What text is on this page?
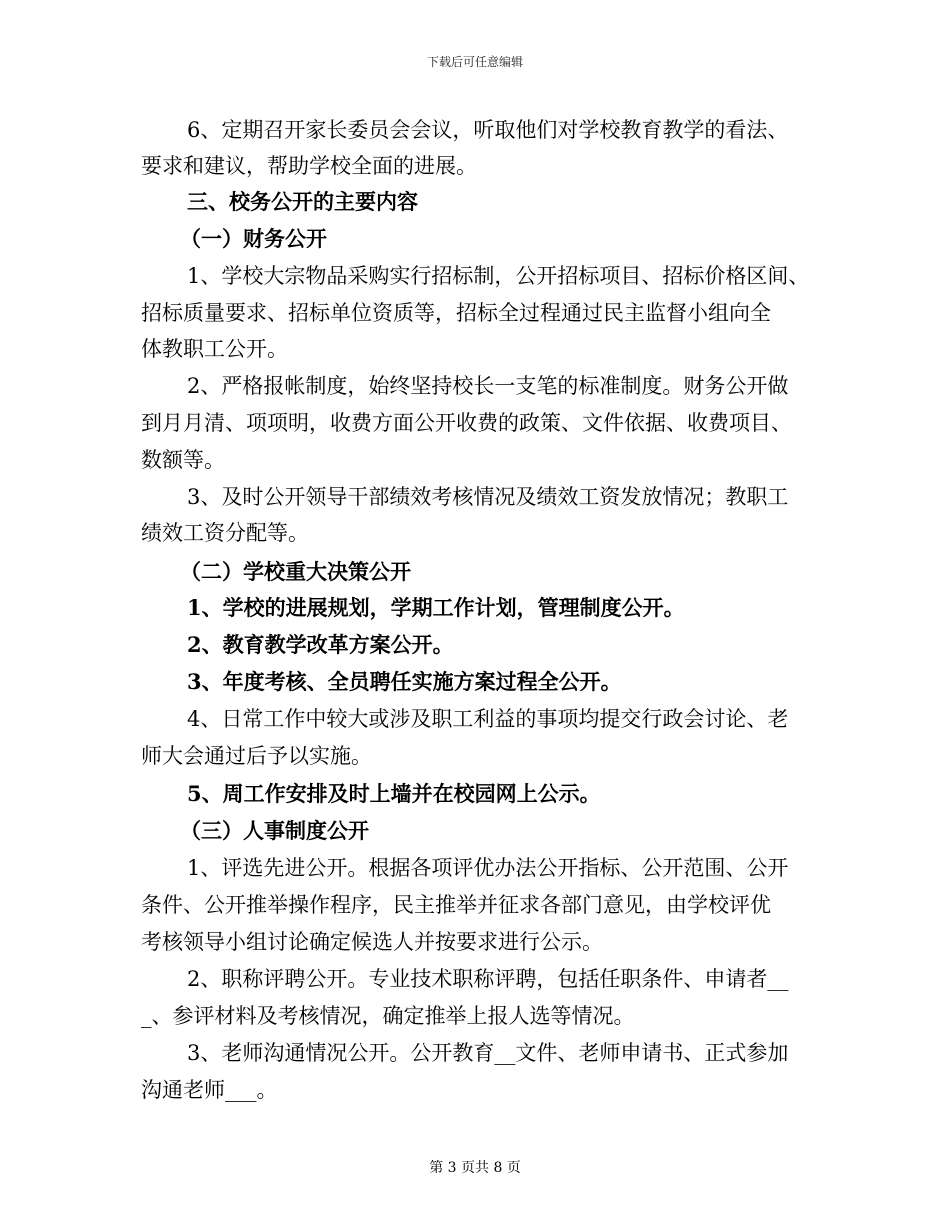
下载后可任意编辑
6、定期召开家长委员会会议，听取他们对学校教育教学的看法、
要求和建议，帮助学校全面的进展。
三、校务公开的主要内容
（一）财务公开
1、学校大宗物品采购实行招标制，公开招标项目、招标价格区间、
招标质量要求、招标单位资质等，招标全过程通过民主监督小组向全
体教职工公开。
2、严格报帐制度，始终坚持校长一支笔的标准制度。财务公开做
到月月清、项项明，收费方面公开收费的政策、文件依据、收费项目、
数额等。
3、及时公开领导干部绩效考核情况及绩效工资发放情况；教职工
绩效工资分配等。
（二）学校重大决策公开
1、学校的进展规划，学期工作计划，管理制度公开。
2、教育教学改革方案公开。
3、年度考核、全员聘任实施方案过程全公开。
4、日常工作中较大或涉及职工利益的事项均提交行政会讨论、老
师大会通过后予以实施。
5、周工作安排及时上墙并在校园网上公示。
（三）人事制度公开
1、评选先进公开。根据各项评优办法公开指标、公开范围、公开
条件、公开推举操作程序，民主推举并征求各部门意见，由学校评优
考核领导小组讨论确定候选人并按要求进行公示。
2、职称评聘公开。专业技术职称评聘，包括任职条件、申请者__
_、参评材料及考核情况，确定推举上报人选等情况。
3、老师沟通情况公开。公开教育__文件、老师申请书、正式参加
沟通老师___。
第 3 页共 8 页
